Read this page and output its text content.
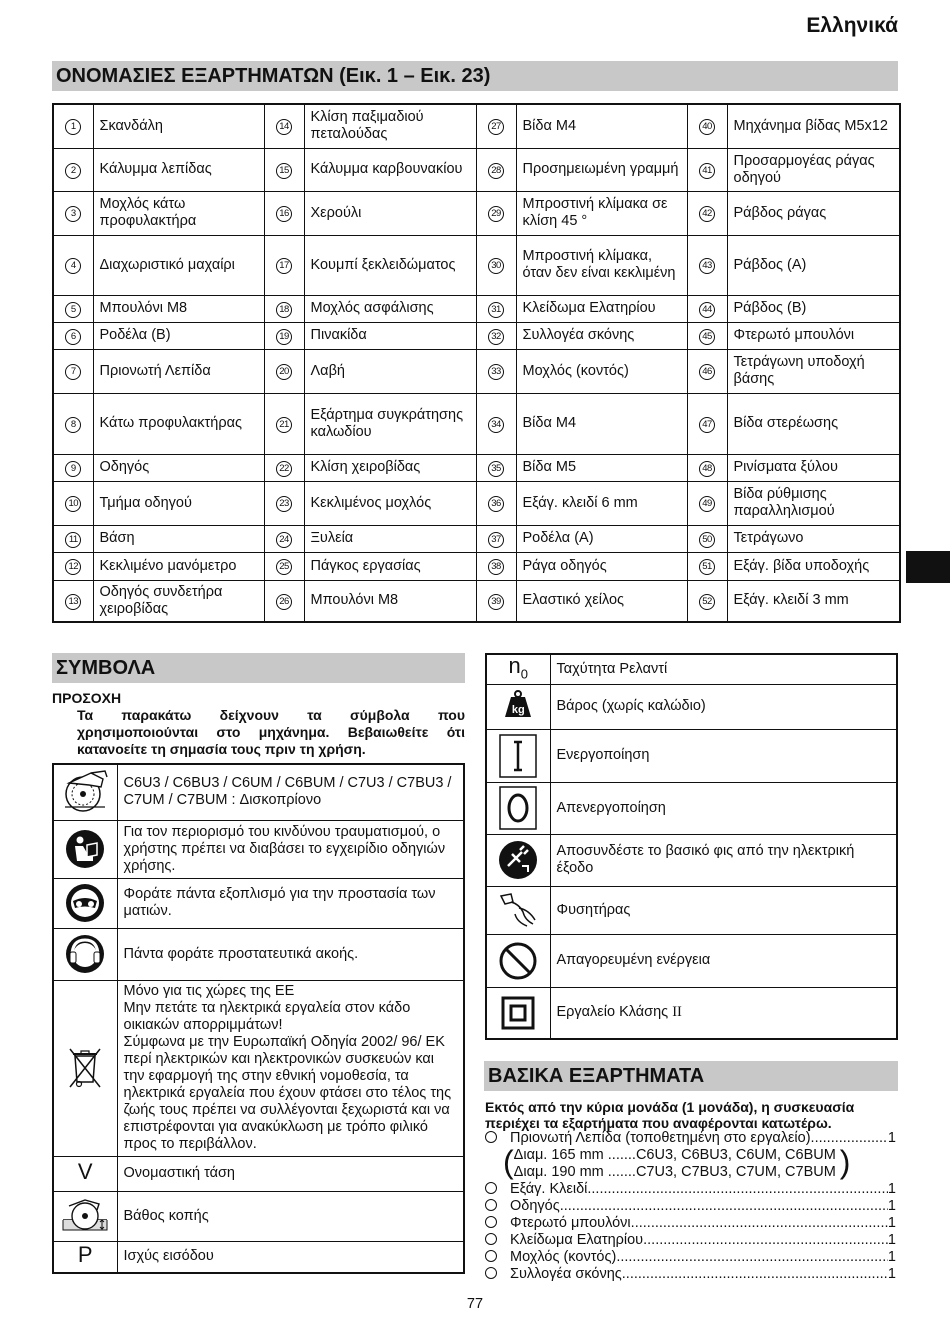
Ελληνικά
ΟΝΟΜΑΣΙΕΣ ΕΞΑΡΤΗΜΑΤΩΝ (Εικ. 1 – Εικ. 23)
1	Σκανδάλη	14	Κλίση παξιμαδιού πεταλούδας	27	Βίδα M4	40	Μηχάνημα βίδας M5x12
2	Κάλυμμα λεπίδας	15	Κάλυμμα καρβουνακίου	28	Προσημειωμένη γραμμή	41	Προσαρμογέας ράγας οδηγού
3	Μοχλός κάτω προφυλακτήρα	16	Χερούλι	29	Μπροστινή κλίμακα σε κλίση 45 °	42	Ράβδος ράγας
4	Διαχωριστικό μαχαίρι	17	Κουμπί ξεκλειδώματος	30	Μπροστινή κλίμακα, όταν δεν είναι κεκλιμένη	43	Ράβδος (A)
5	Μπουλόνι M8	18	Μοχλός ασφάλισης	31	Κλείδωμα Ελατηρίου	44	Ράβδος (B)
6	Ροδέλα (B)	19	Πινακίδα	32	Συλλογέα σκόνης	45	Φτερωτό μπουλόνι
7	Πριονωτή Λεπίδα	20	Λαβή	33	Μοχλός (κοντός)	46	Τετράγωνη υποδοχή βάσης
8	Κάτω προφυλακτήρας	21	Εξάρτημα συγκράτησης καλωδίου	34	Βίδα M4	47	Βίδα στερέωσης
9	Οδηγός	22	Κλίση χειροβίδας	35	Βίδα M5	48	Ρινίσματα ξύλου
10	Τμήμα οδηγού	23	Κεκλιμένος μοχλός	36	Εξάγ. κλειδί 6 mm	49	Βίδα ρύθμισης παραλληλισμού
11	Βάση	24	Ξυλεία	37	Ροδέλα (A)	50	Τετράγωνο
12	Κεκλιμένο μανόμετρο	25	Πάγκος εργασίας	38	Ράγα οδηγός	51	Εξάγ. βίδα υποδοχής
13	Οδηγός συνδετήρα χειροβίδας	26	Μπουλόνι M8	39	Ελαστικό χείλος	52	Εξάγ. κλειδί 3 mm
ΣΥΜΒΟΛΑ
ΠΡΟΣΟΧΗ
Τα παρακάτω δείχνουν τα σύμβολα που χρησιμοποιούνται στο μηχάνημα. Βεβαιωθείτε ότι κατανοείτε τη σημασία τους πριν τη χρήση.
	C6U3 / C6BU3 / C6UM / C6BUM / C7U3 / C7BU3 / C7UM / C7BUM : Δισκοπρίονο

	Για τον περιορισμό του κινδύνου τραυματισμού, ο χρήστης πρέπει να διαβάσει το εγχειρίδιο οδηγιών χρήσης.

	Φοράτε πάντα εξοπλισμό για την προστασία των ματιών.

	Πάντα φοράτε προστατευτικά ακοής.

Μόνο για τις χώρες της ΕΕ
Μην πετάτε τα ηλεκτρικά εργαλεία στον κάδο οικιακών απορριμμάτων!
Σύμφωνα με την Ευρωπαϊκή Οδηγία 2002/ 96/ ΕΚ περί ηλεκτρικών και ηλεκτρονικών συσκευών και την εφαρμογή της στην εθνική νομοθεσία, τα ηλεκτρικά εργαλεία που έχουν φτάσει στο τέλος της ζωής τους πρέπει να συλλέγονται ξεχωριστά και να επιστρέφονται για ανακύκλωση με τρόπο φιλικό προς το περιβάλλον.

V	Ονομαστική τάση

	Βάθος κοπής
P	Ισχύς εισόδου
$n_0$	Ταχύτητα Ρελαντί

kg	Βάρος (χωρίς καλώδιο)

	Ενεργοποίηση

	Απενεργοποίηση

	Αποσυνδέστε το βασικό φις από την ηλεκτρική έξοδο

	Φυσητήρας

	Απαγορευμένη ενέργεια

	Εργαλείο Κλάσης II
ΒΑΣΙΚΑ ΕΞΑΡΤΗΜΑΤΑ
Εκτός από την κύρια μονάδα (1 μονάδα), η συσκευασία περιέχει τα εξαρτήματα που αναφέρονται κατωτέρω.
Πριονωτή Λεπίδα (τοποθετημένη στο εργαλείο) .....	1
( Διαμ. 165 mm .......C6U3, C6BU3, C6UM, C6BUM
Διαμ. 190 mm .......C7U3, C7BU3, C7UM, C7BUM )
Εξάγ. Κλειδί .....	1
Οδηγός .....	1
Φτερωτό μπουλόνι .....	1
Κλείδωμα Ελατηρίου .....	1
Μοχλός (κοντός) .....	1
Συλλογέα σκόνης .....	1
77
